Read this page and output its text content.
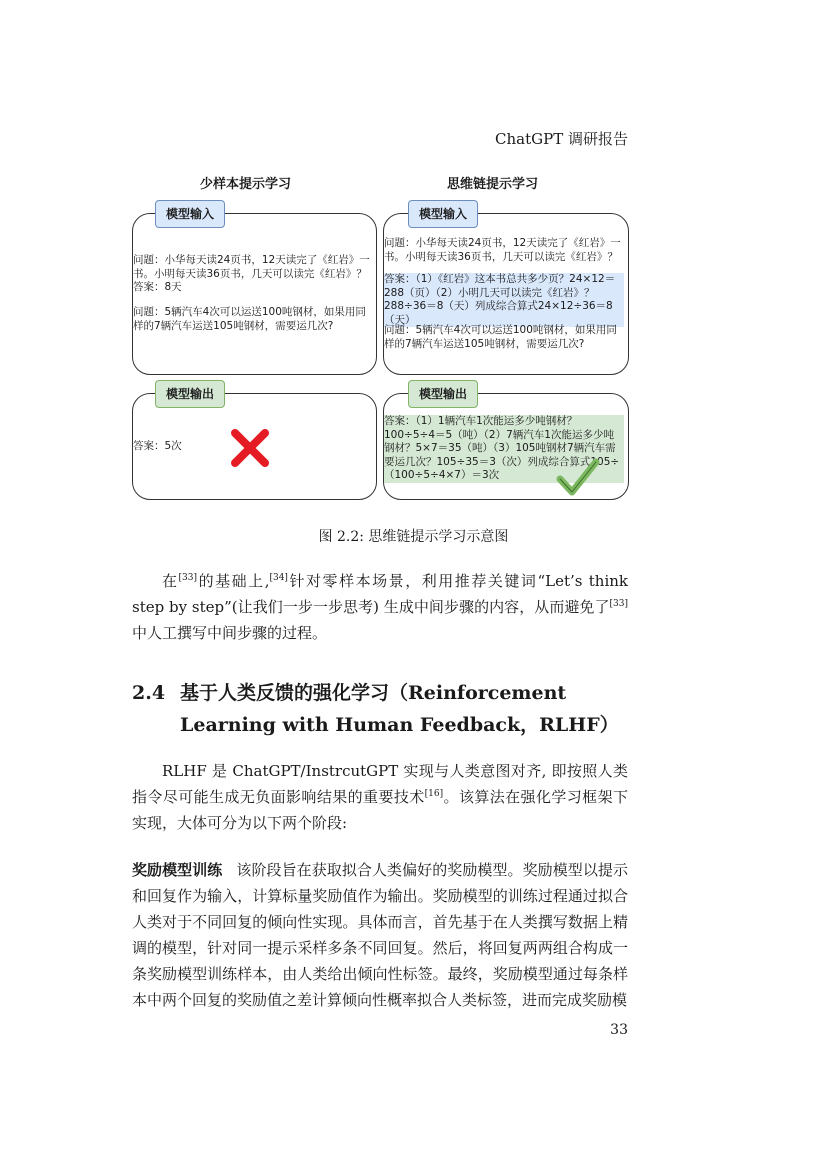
ChatGPT 调研报告
少样本提示学习	思维链提示学习
模型输入
问题：小华每天读24页书，12天读完了《红岩》一书。小明每天读36页书，几天可以读完《红岩》？
答案：8天
问题：5辆汽车4次可以运送100吨钢材，如果用同样的7辆汽车运送105吨钢材，需要运几次?
模型输出
答案：5次
模型输入
问题：小华每天读24页书，12天读完了《红岩》一书。小明每天读36页书，几天可以读完《红岩》？
答案：（1）《红岩》这本书总共多少页？24×12＝288（页）（2）小明几天可以读完《红岩》？288÷36＝8（天）列成综合算式24×12÷36＝8（天）
问题：5辆汽车4次可以运送100吨钢材，如果用同样的7辆汽车运送105吨钢材，需要运几次?
模型输出
答案：（1）1辆汽车1次能运多少吨钢材？100÷5÷4＝5（吨）（2）7辆汽车1次能运多少吨钢材？5×7＝35（吨）（3）105吨钢材7辆汽车需要运几次？105÷35＝3（次）列成综合算式105÷（100÷5÷4×7）＝3次
图 2.2: 思维链提示学习示意图

在[33]的基础上,[34]针对零样本场景，利用推荐关键词“Let’s think step by step”(让我们一步一步思考) 生成中间步骤的内容，从而避免了[33]中人工撰写中间步骤的过程。

2.4 基于人类反馈的强化学习（Reinforcement
Learning with Human Feedback，RLHF）

RLHF 是 ChatGPT/InstrcutGPT 实现与人类意图对齐, 即按照人类指令尽可能生成无负面影响结果的重要技术[16]。该算法在强化学习框架下实现，大体可分为以下两个阶段:

奖励模型训练 该阶段旨在获取拟合人类偏好的奖励模型。奖励模型以提示和回复作为输入，计算标量奖励值作为输出。奖励模型的训练过程通过拟合人类对于不同回复的倾向性实现。具体而言，首先基于在人类撰写数据上精调的模型，针对同一提示采样多条不同回复。然后，将回复两两组合构成一条奖励模型训练样本，由人类给出倾向性标签。最终，奖励模型通过每条样本中两个回复的奖励值之差计算倾向性概率拟合人类标签，进而完成奖励模

33
